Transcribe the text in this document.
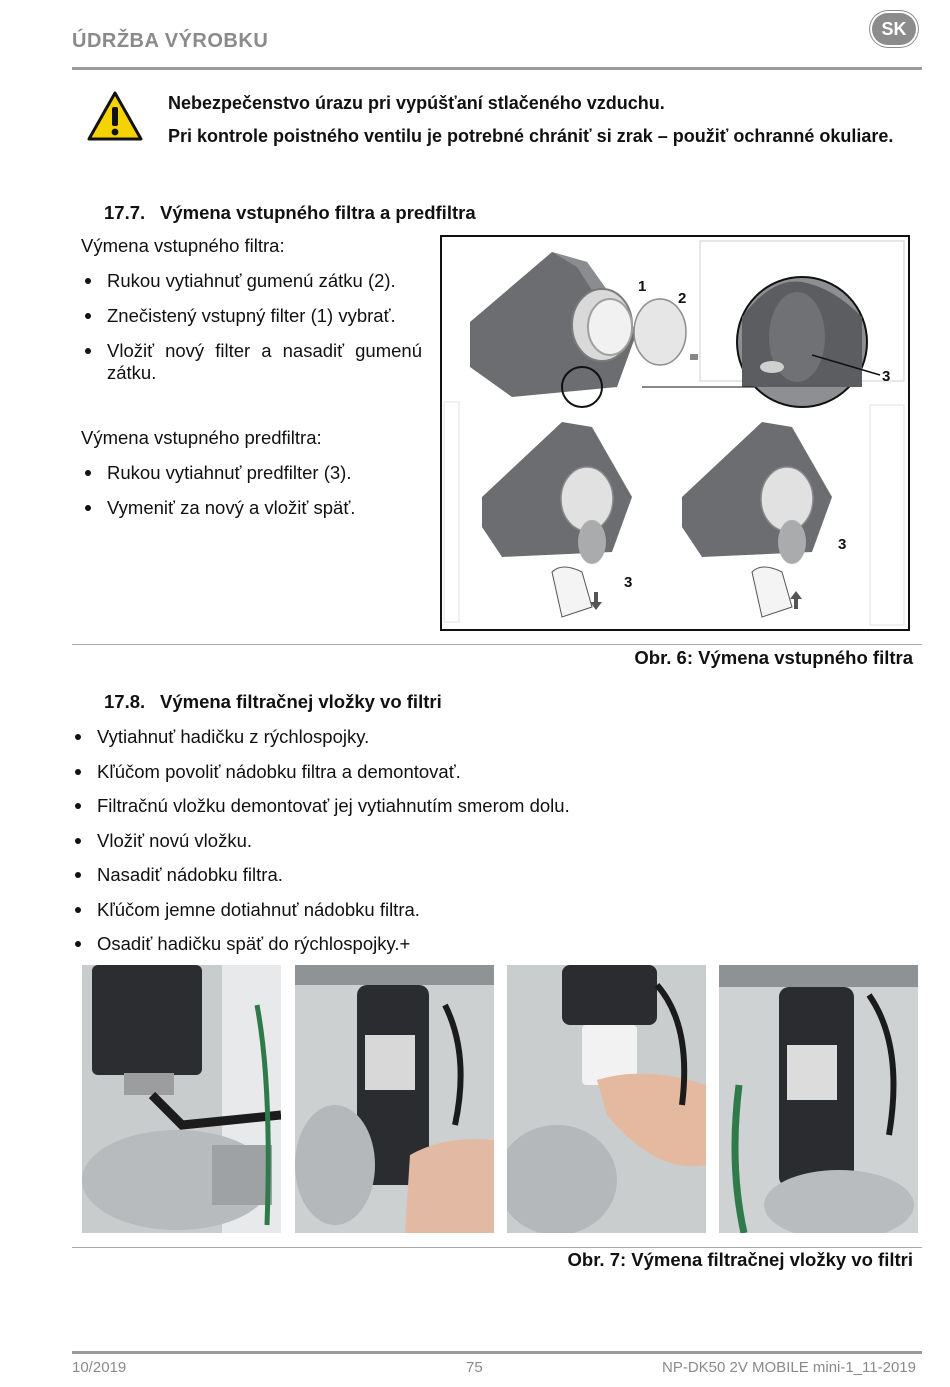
ÚDRŽBA VÝROBKU
SK
Nebezpečenstvo úrazu pri vypúšťaní stlačeného vzduchu.
Pri kontrole poistného ventilu je potrebné chrániť si zrak – použiť ochranné okuliare.
17.7. Výmena vstupného filtra a predfiltra
Výmena vstupného filtra:
Rukou vytiahnuť gumenú zátku (2).
Znečistený vstupný filter (1) vybrať.
Vložiť nový filter a nasadiť gumenú zátku.
Výmena vstupného predfiltra:
Rukou vytiahnuť predfilter (3).
Vymeniť za nový a vložiť späť.
1
2
3
3
3
Obr. 6: Výmena vstupného filtra
17.8. Výmena filtračnej vložky vo filtri
Vytiahnuť hadičku z rýchlospojky.
Kľúčom povoliť nádobku filtra a demontovať.
Filtračnú vložku demontovať jej vytiahnutím smerom dolu.
Vložiť novú vložku.
Nasadiť nádobku filtra.
Kľúčom jemne dotiahnuť nádobku filtra.
Osadiť hadičku späť do rýchlospojky.+
Obr. 7: Výmena filtračnej vložky vo filtri
10/2019	75	NP-DK50 2V MOBILE mini-1_11-2019
